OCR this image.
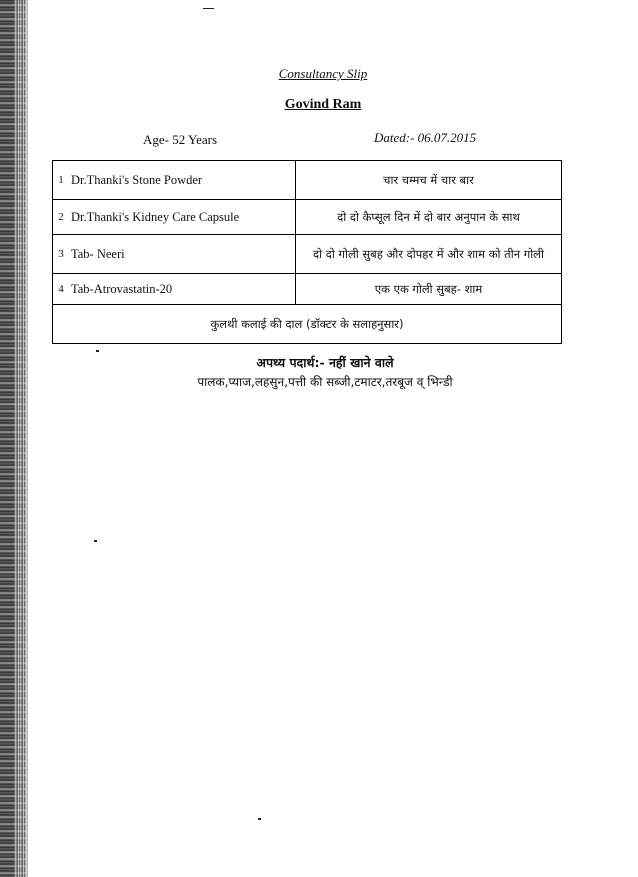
Consultancy Slip
Govind Ram
Age- 52 Years	Dated:- 06.07.2015
1	Dr.Thanki's Stone Powder	चार चम्मच में चार बार
2	Dr.Thanki's Kidney Care Capsule	दो दो कैप्सूल दिन में दो बार अनुपान के साथ
3	Tab- Neeri	दो दो गोली सुबह और दोपहर में और शाम को तीन गोली
4	Tab-Atrovastatin-20	एक एक गोली सुबह- शाम
कुलथी कलाई की दाल (डॉक्टर के सलाहनुसार)		
अपथ्य पदार्थ:- नहीं खाने वाले
पालक,प्याज,लहसुन,पत्ती की सब्जी,टमाटर,तरबूज व् भिन्डी
